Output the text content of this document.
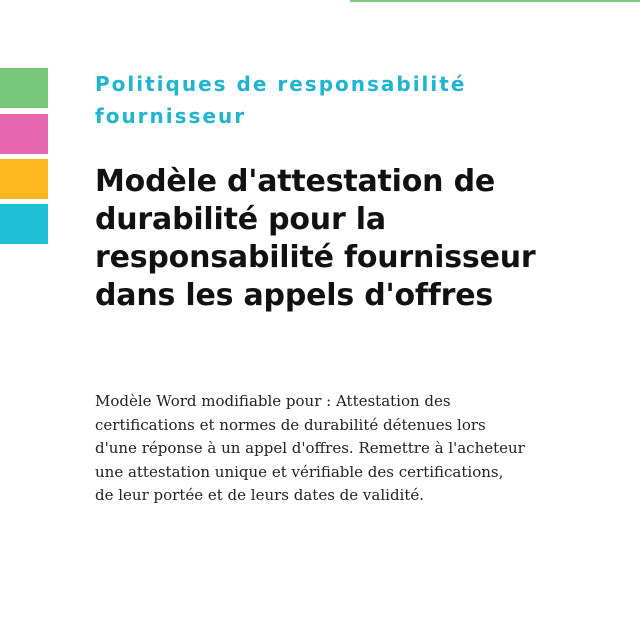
Politiques de responsabilité fournisseur

Modèle d'attestation de durabilité pour la responsabilité fournisseur dans les appels d'offres

Modèle Word modifiable pour : Attestation des certifications et normes de durabilité détenues lors d'une réponse à un appel d'offres. Remettre à l'acheteur une attestation unique et vérifiable des certifications, de leur portée et de leurs dates de validité.
